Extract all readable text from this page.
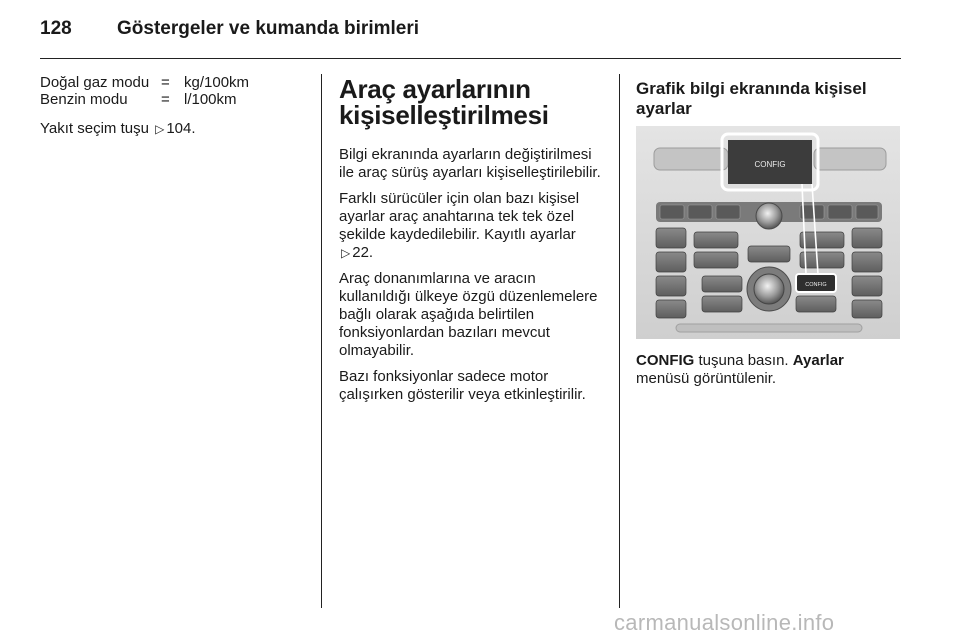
128 Göstergeler ve kumanda birimleri
Doğal gaz modu	=	kg/100km
Benzin modu	=	l/100km

Yakıt seçim tuşu ▷ 104.

Araç ayarlarının kişiselleştirilmesi

Bilgi ekranında ayarların değiştirilmesi ile araç sürüş ayarları kişiselleştirilebilir.

Farklı sürücüler için olan bazı kişisel ayarlar araç anahtarına tek tek özel şekilde kaydedilebilir. Kayıtlı ayarlar
▷ 22.

Araç donanımlarına ve aracın kullanıldığı ülkeye özgü düzenlemelere bağlı olarak aşağıda belirtilen fonksiyonlardan bazıları mevcut olmayabilir.

Bazı fonksiyonlar sadece motor çalışırken gösterilir veya etkinleştirilir.

Grafik bilgi ekranında kişisel ayarlar
CONFIG
CONFIG
CONFIG tuşuna basın. Ayarlar
menüsü görüntülenir.
carmanualsonline.info
